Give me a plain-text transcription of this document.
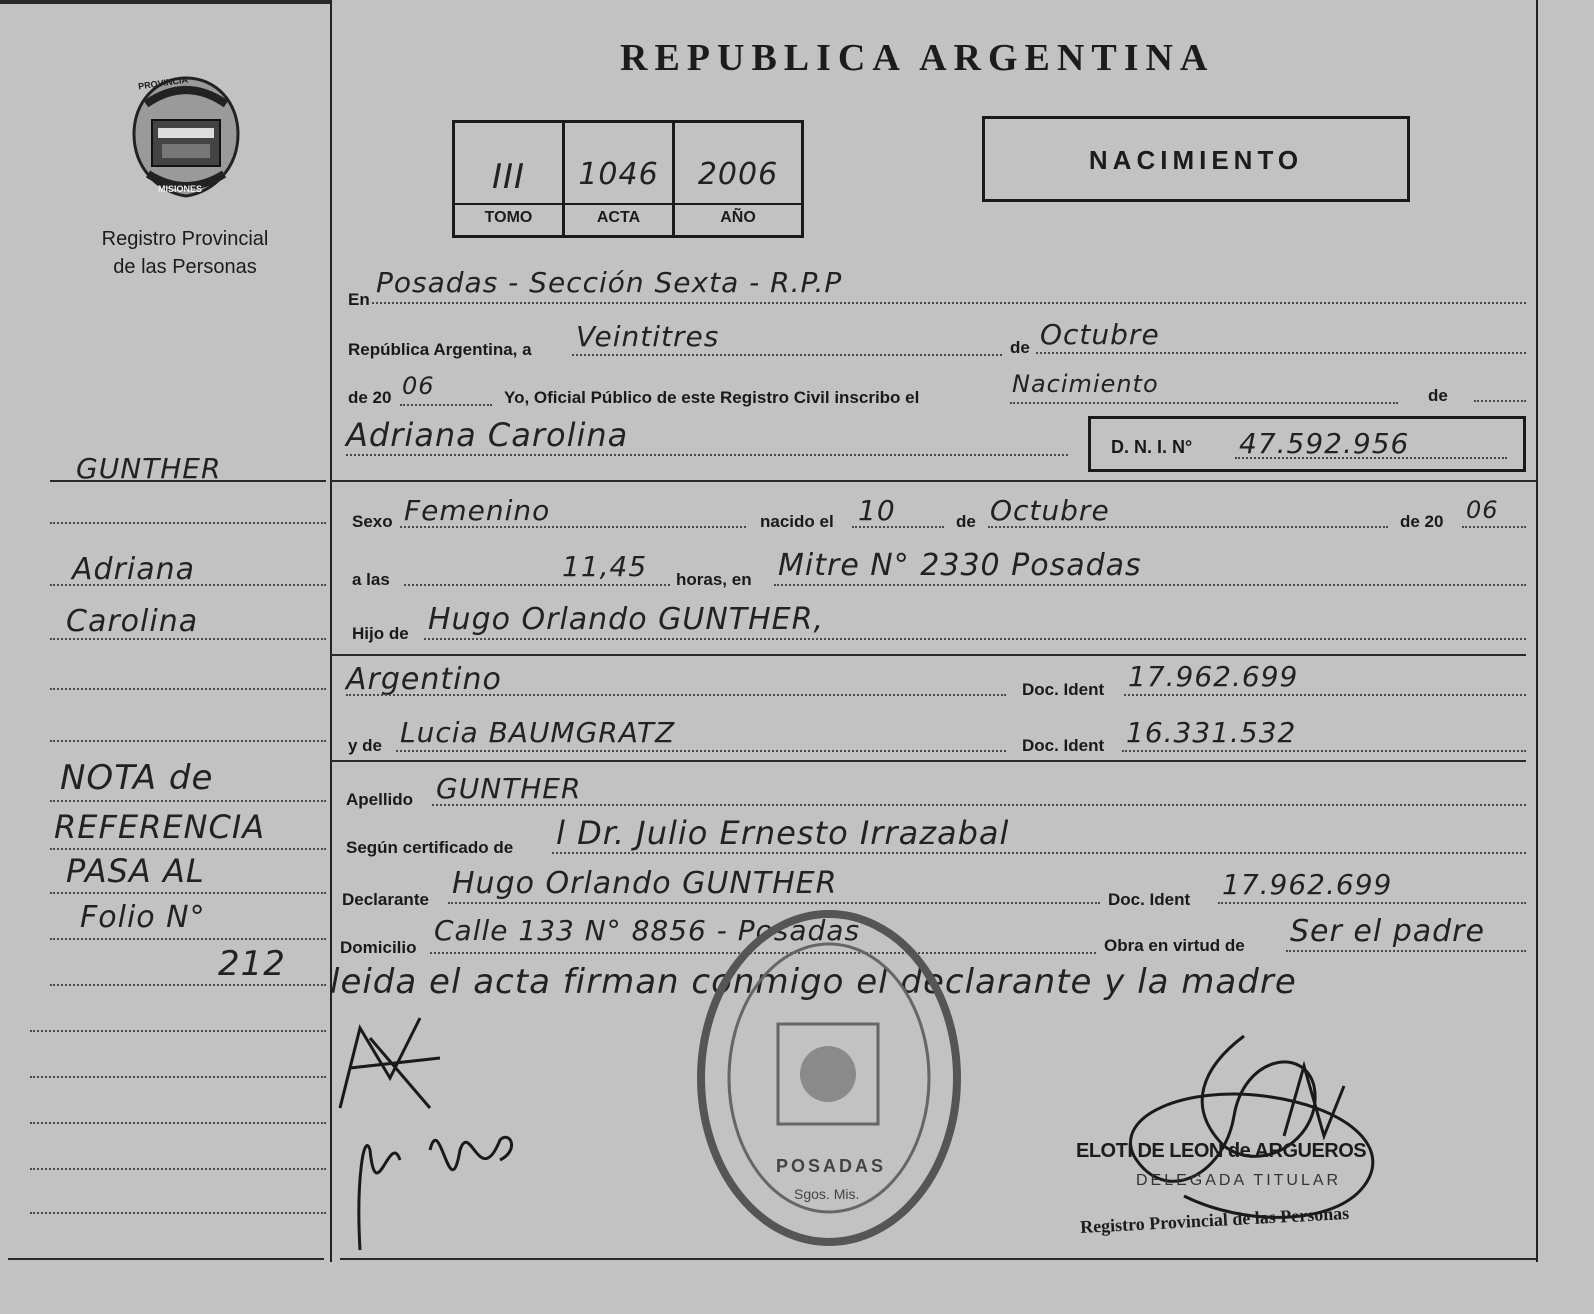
PROVINCIA
MISIONES
Registro Provincial
de las Personas
REPUBLICA ARGENTINA
III	1046	2006
TOMO	ACTA	AÑO
NACIMIENTO
GUNTHER
Adriana
Carolina
NOTA de
REFERENCIA
PASA AL
Folio N°
212
En
Posadas - Sección Sexta - R.P.P
República Argentina, a Veintitres	de Octubre
de 20 06	Yo, Oficial Público de este Registro Civil inscribo el	Nacimiento	de
Adriana Carolina	D. N. I. N° 47.592.956
Sexo Femenino	nacido el 10	de Octubre	de 20 06
a las	11,45 horas, en Mitre N° 2330 Posadas
Hijo de Hugo Orlando GUNTHER,
Argentino	Doc. Ident 17.962.699
y de Lucia BAUMGRATZ	Doc. Ident 16.331.532
Apellido GUNTHER
Según certificado de l Dr. Julio Ernesto Irrazabal
Declarante Hugo Orlando GUNTHER	Doc. Ident 17.962.699
Domicilio
Calle 133 N° 8856 - Posadas	Obra en virtud de Ser el padre
leida el acta firman conmigo el declarante y la madre
POSADAS
Sgos. Mis.
ELOTI DE LEON de ARGUEROS
DELEGADA TITULAR
Registro Provincial de las Personas
